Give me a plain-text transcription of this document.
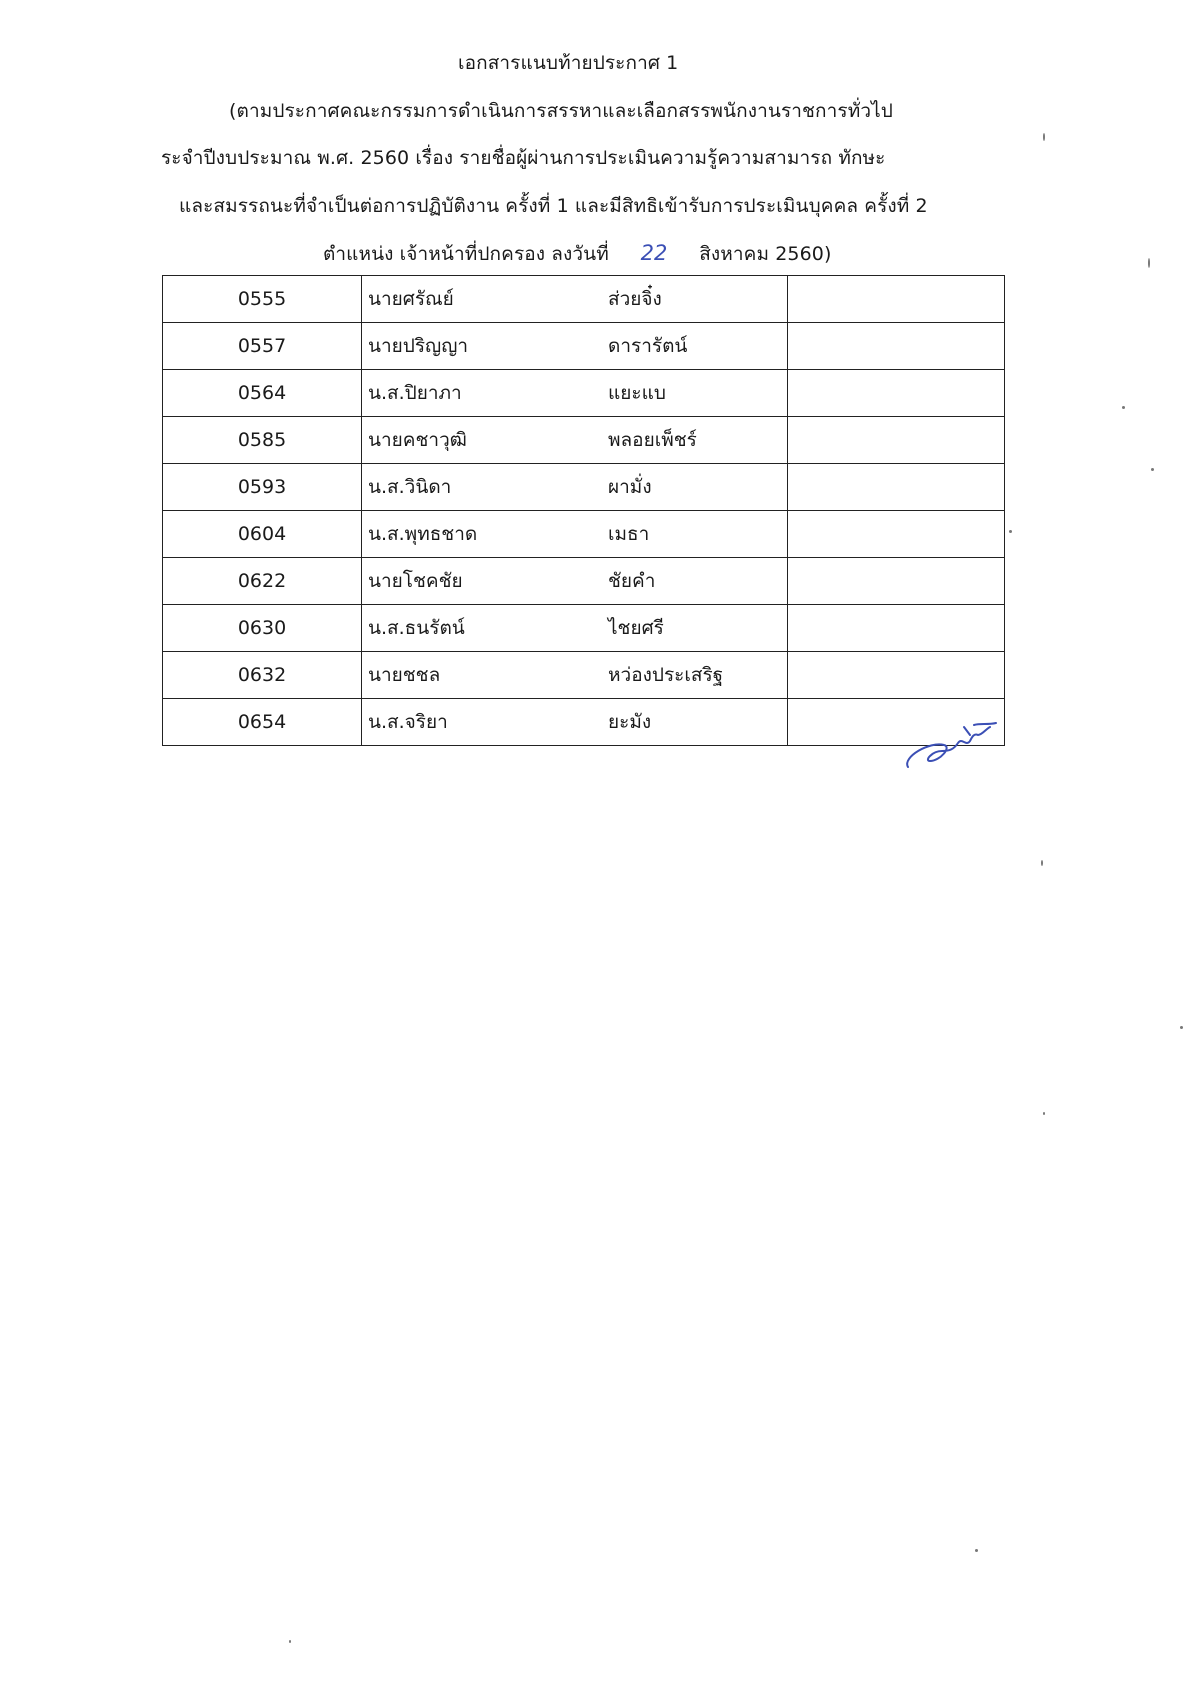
เอกสารแนบท้ายประกาศ 1
(ตามประกาศคณะกรรมการดำเนินการสรรหาและเลือกสรรพนักงานราชการทั่วไป
ระจำปีงบประมาณ พ.ศ. 2560 เรื่อง รายชื่อผู้ผ่านการประเมินความรู้ความสามารถ ทักษะ
และสมรรถนะที่จำเป็นต่อการปฏิบัติงาน ครั้งที่ 1 และมีสิทธิเข้ารับการประเมินบุคคล ครั้งที่ 2
ตำแหน่ง เจ้าหน้าที่ปกครอง ลงวันที่ 22 สิงหาคม 2560)
0555	นายศรัณย์	ส่วยจิ๋ง	
0557	นายปริญญา	ดารารัตน์	
0564	น.ส.ปิยาภา	แยะแบ	
0585	นายคชาวุฒิ	พลอยเพ็ชร์	
0593	น.ส.วินิดา	ผามั่ง	
0604	น.ส.พุทธชาด	เมธา	
0622	นายโชคชัย	ชัยคำ	
0630	น.ส.ธนรัตน์	ไชยศรี	
0632	นายชชล	หว่องประเสริฐ	
0654	น.ส.จริยา	ยะมัง	
